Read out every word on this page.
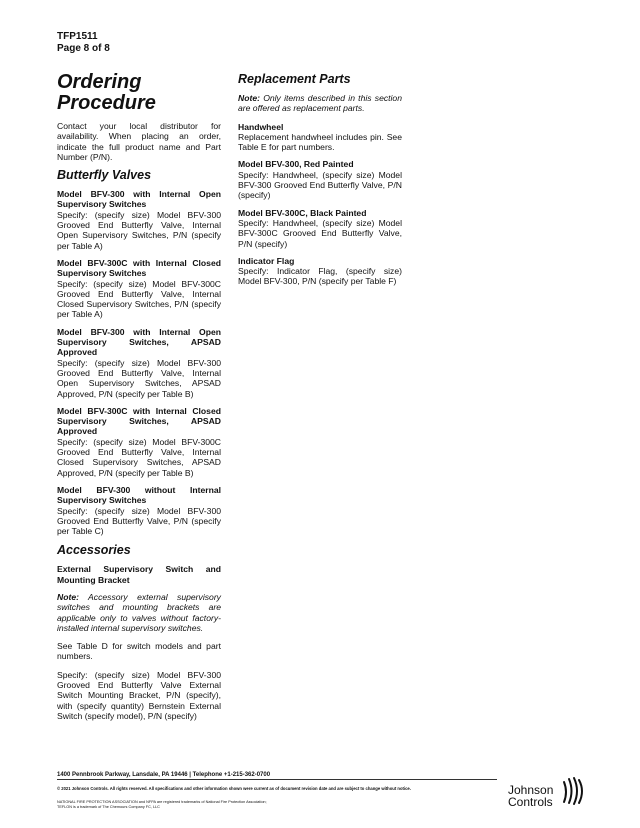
TFP1511
Page 8 of 8
Ordering
Procedure

Contact your local distributor for availability. When placing an order, indicate the full product name and Part Number (P/N).

Butterfly Valves

Model BFV-300 with Internal Open Supervisory Switches
Specify: (specify size) Model BFV-300 Grooved End Butterfly Valve, Internal Open Supervisory Switches, P/N (specify per Table A)

Model BFV-300C with Internal Closed Supervisory Switches
Specify: (specify size) Model BFV-300C Grooved End Butterfly Valve, Internal Closed Supervisory Switches, P/N (specify per Table A)

Model BFV-300 with Internal Open Supervisory Switches, APSAD Approved
Specify: (specify size) Model BFV-300 Grooved End Butterfly Valve, Internal Open Supervisory Switches, APSAD Approved, P/N (specify per Table B)

Model BFV-300C with Internal Closed Supervisory Switches, APSAD Approved
Specify: (specify size) Model BFV-300C Grooved End Butterfly Valve, Internal Closed Supervisory Switches, APSAD Approved, P/N (specify per Table B)

Model BFV-300 without Internal Supervisory Switches
Specify: (specify size) Model BFV-300 Grooved End Butterfly Valve, P/N (specify per Table C)

Accessories

External Supervisory Switch and Mounting Bracket

Note: Accessory external supervisory switches and mounting brackets are applicable only to valves without factory-installed internal supervisory switches.

See Table D for switch models and part numbers.

Specify: (specify size) Model BFV-300 Grooved End Butterfly Valve External Switch Mounting Bracket, P/N (specify), with (specify quantity) Bernstein External Switch (specify model), P/N (specify)

Replacement Parts

Note: Only items described in this section are offered as replacement parts.

Handwheel
Replacement handwheel includes pin. See Table E for part numbers.

Model BFV-300, Red Painted
Specify: Handwheel, (specify size) Model BFV-300 Grooved End Butterfly Valve, P/N (specify)

Model BFV-300C, Black Painted
Specify: Handwheel, (specify size) Model BFV-300C Grooved End Butterfly Valve, P/N (specify)

Indicator Flag
Specify: Indicator Flag, (specify size) Model BFV-300, P/N (specify per Table F)

1400 Pennbrook Parkway, Lansdale, PA 19446 | Telephone +1-215-362-0700
© 2021 Johnson Controls. All rights reserved. All specifications and other information shown were current as of document revision date and are subject to change without notice.
NATIONAL FIRE PROTECTION ASSOCIATION and NFPA are registered trademarks of National Fire Protection Association;
TEFLON is a trademark of The Chemours Company FC, LLC
Johnson
Controls
